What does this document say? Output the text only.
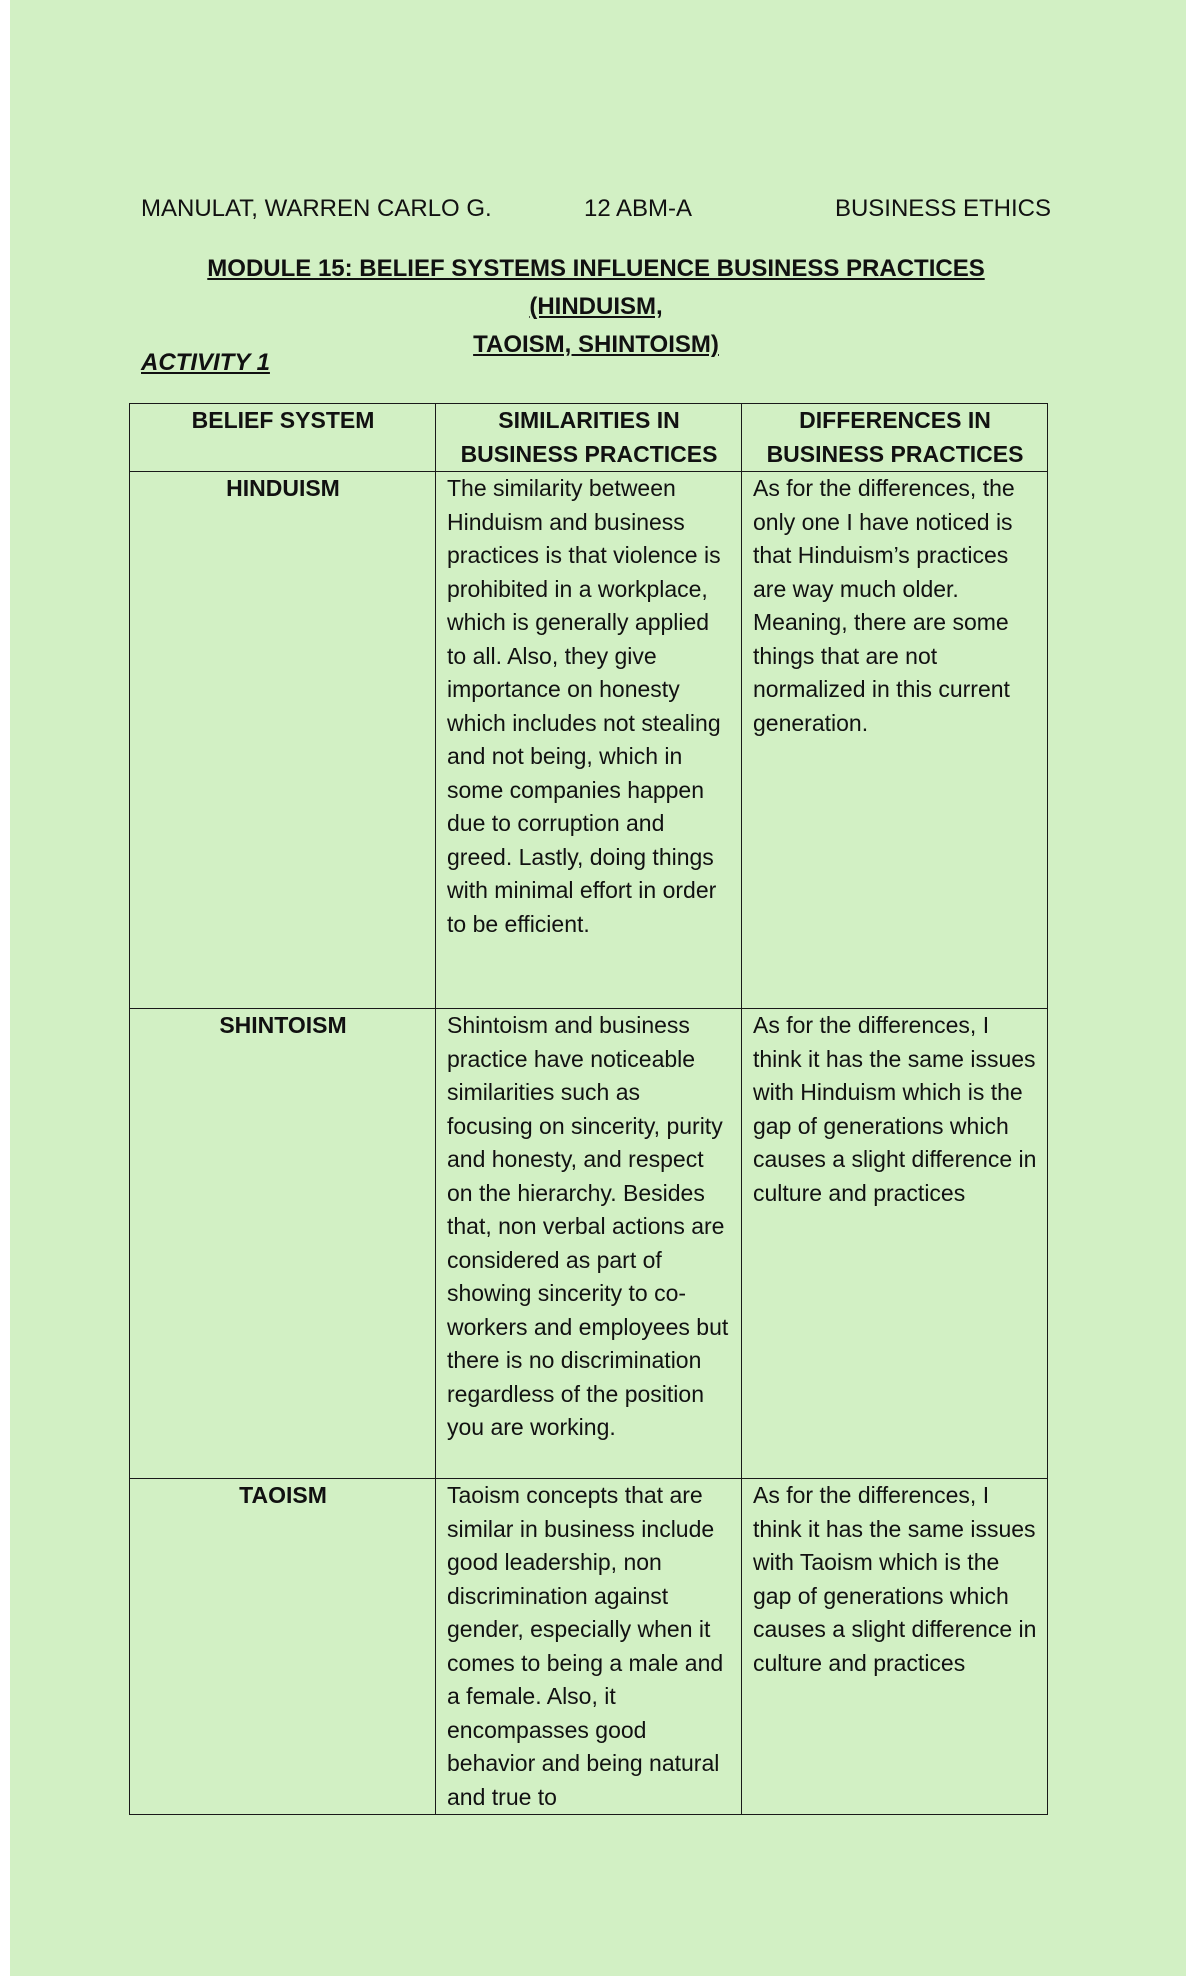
MANULAT, WARREN CARLO G.	12 ABM-A	BUSINESS ETHICS
MODULE 15: BELIEF SYSTEMS INFLUENCE BUSINESS PRACTICES (HINDUISM,
TAOISM, SHINTOISM)
ACTIVITY 1
BELIEF SYSTEM	SIMILARITIES IN BUSINESS PRACTICES	DIFFERENCES IN BUSINESS PRACTICES
HINDUISM	The similarity between Hinduism and business practices is that violence is prohibited in a workplace, which is generally applied to all. Also, they give importance on honesty which includes not stealing and not being, which in some companies happen due to corruption and greed. Lastly, doing things with minimal effort in order to be efficient.	As for the differences, the only one I have noticed is that Hinduism’s practices are way much older. Meaning, there are some things that are not normalized in this current generation.
SHINTOISM	Shintoism and business practice have noticeable similarities such as focusing on sincerity, purity and honesty, and respect on the hierarchy. Besides that, non verbal actions are considered as part of showing sincerity to co-workers and employees but there is no discrimination regardless of the position you are working.	As for the differences, I think it has the same issues with Hinduism which is the gap of generations which causes a slight difference in culture and practices
TAOISM	Taoism concepts that are similar in business include good leadership, non discrimination against gender, especially when it comes to being a male and a female. Also, it encompasses good behavior and being natural and true to	As for the differences, I think it has the same issues with Taoism which is the gap of generations which causes a slight difference in culture and practices
